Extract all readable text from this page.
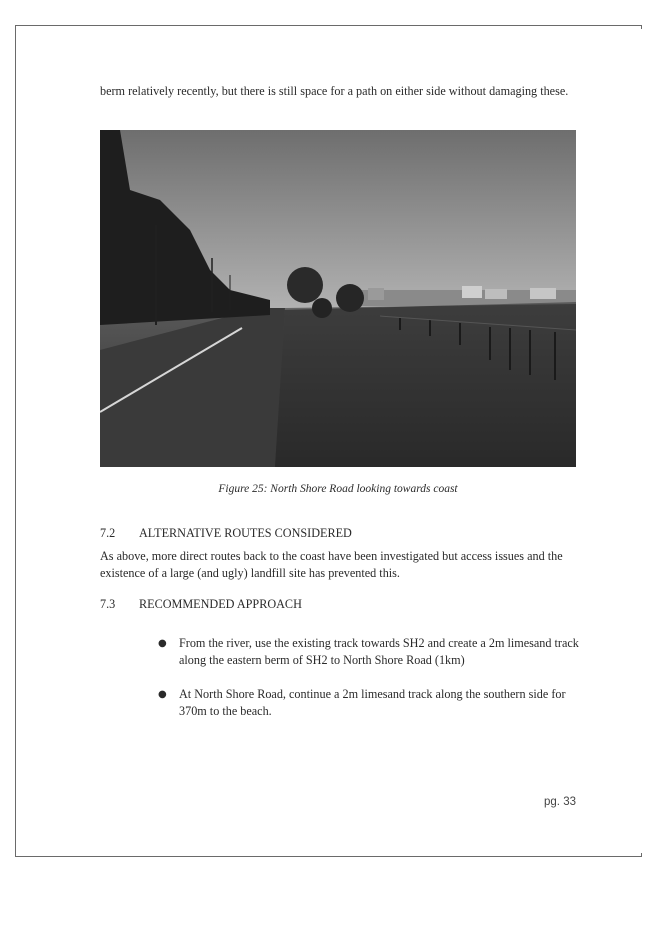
berm relatively recently, but there is still space for a path on either side without damaging these.

Figure 25: North Shore Road looking towards coast
7.2 ALTERNATIVE ROUTES CONSIDERED

As above, more direct routes back to the coast have been investigated but access issues and the existence of a large (and ugly) landfill site has prevented this.

7.3 RECOMMENDED APPROACH
● From the river, use the existing track towards SH2 and create a 2m limesand track along the eastern berm of SH2 to North Shore Road (1km)
● At North Shore Road, continue a 2m limesand track along the southern side for 370m to the beach.
pg. 33
